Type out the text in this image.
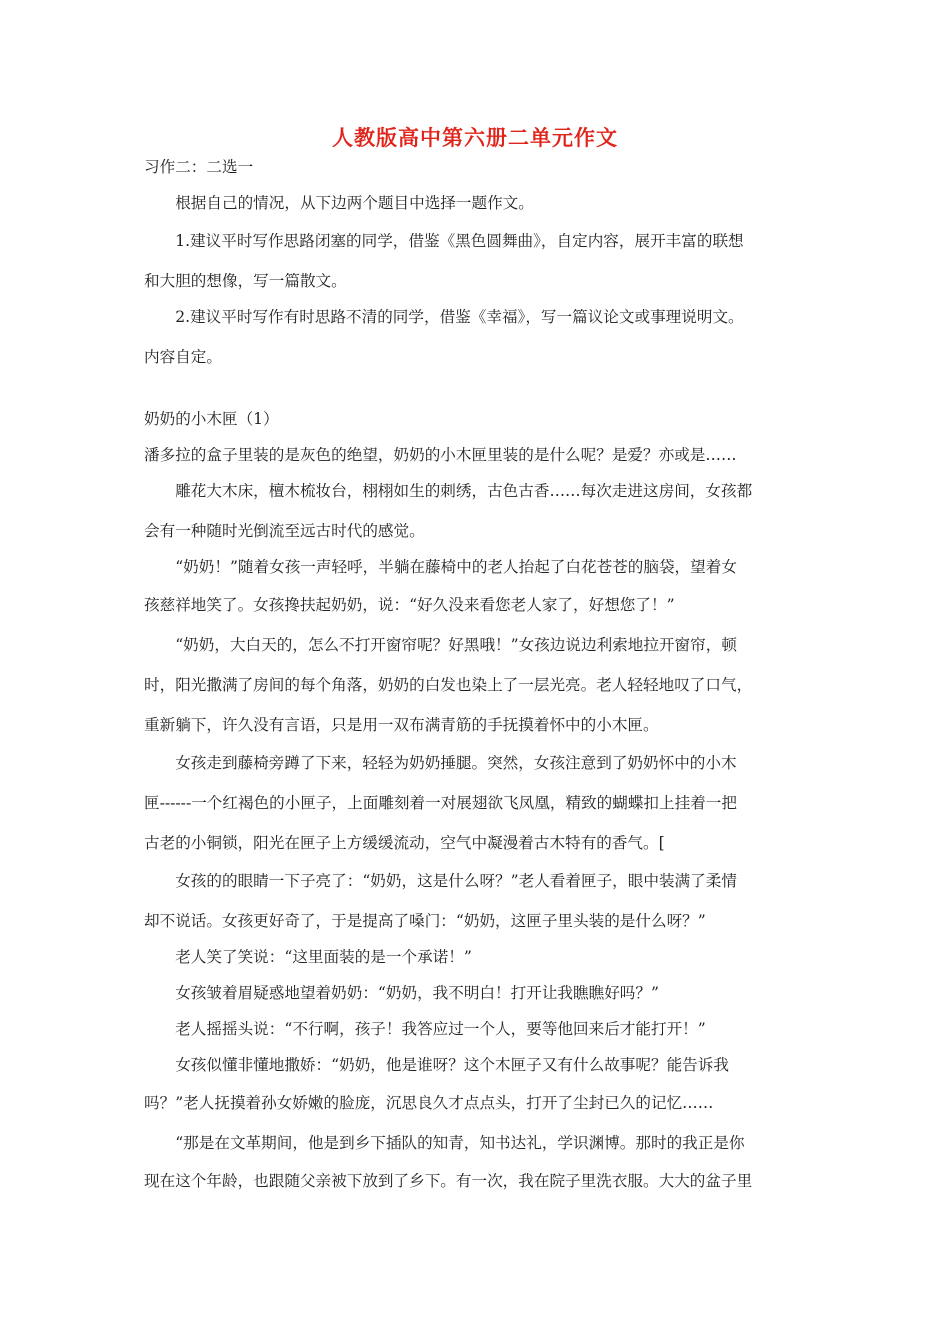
人教版高中第六册二单元作文
习作二：二选一
根据自己的情况，从下边两个题目中选择一题作文。
1.建议平时写作思路闭塞的同学，借鉴《黑色圆舞曲》，自定内容，展开丰富的联想
和大胆的想像，写一篇散文。
2.建议平时写作有时思路不清的同学，借鉴《幸福》，写一篇议论文或事理说明文。
内容自定。
奶奶的小木匣（1）
潘多拉的盒子里装的是灰色的绝望，奶奶的小木匣里装的是什么呢？是爱？亦或是……
雕花大木床，檀木梳妆台，栩栩如生的刺绣，古色古香……每次走进这房间，女孩都
会有一种随时光倒流至远古时代的感觉。
“奶奶！”随着女孩一声轻呼，半躺在藤椅中的老人抬起了白花苍苍的脑袋，望着女
孩慈祥地笑了。女孩搀扶起奶奶，说：“好久没来看您老人家了，好想您了！”
“奶奶，大白天的，怎么不打开窗帘呢？好黑哦！”女孩边说边利索地拉开窗帘，顿
时，阳光撒满了房间的每个角落，奶奶的白发也染上了一层光亮。老人轻轻地叹了口气，
重新躺下，许久没有言语，只是用一双布满青筋的手抚摸着怀中的小木匣。
女孩走到藤椅旁蹲了下来，轻轻为奶奶捶腿。突然，女孩注意到了奶奶怀中的小木
匣------一个红褐色的小匣子，上面雕刻着一对展翅欲飞凤凰，精致的蝴蝶扣上挂着一把
古老的小铜锁，阳光在匣子上方缓缓流动，空气中凝漫着古木特有的香气。[
女孩的的眼睛一下子亮了：“奶奶，这是什么呀？”老人看着匣子，眼中装满了柔情
却不说话。女孩更好奇了，于是提高了嗓门：“奶奶，这匣子里头装的是什么呀？”
老人笑了笑说：“这里面装的是一个承诺！”
女孩皱着眉疑惑地望着奶奶：“奶奶，我不明白！打开让我瞧瞧好吗？”
老人摇摇头说：“不行啊，孩子！我答应过一个人，要等他回来后才能打开！”
女孩似懂非懂地撒娇：“奶奶，他是谁呀？这个木匣子又有什么故事呢？能告诉我
吗？”老人抚摸着孙女娇嫩的脸庞，沉思良久才点点头，打开了尘封已久的记忆……
“那是在文革期间，他是到乡下插队的知青，知书达礼，学识渊博。那时的我正是你
现在这个年龄，也跟随父亲被下放到了乡下。有一次，我在院子里洗衣服。大大的盆子里
